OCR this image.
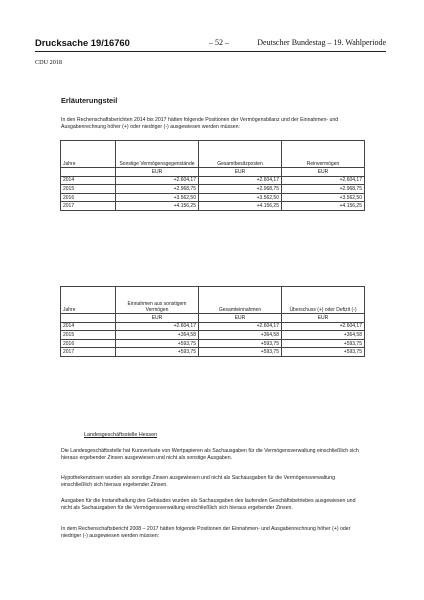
Drucksache 19/16760	– 52 –	Deutscher Bundestag – 19. Wahlperiode
CDU 2018
Erläuterungsteil
In den Rechenschaftsberichten 2014 bis 2017 hätten folgende Positionen der Vermögensbilanz und der Einnahmen- und Ausgabenrechnung höher (+) oder niedriger (-) ausgewiesen werden müssen:
Jahre	Sonstige Vermögensgegenstände	Gesamtbesitzposten	Reinvermögen
	EUR	EUR	EUR
2014	+2.604,17	+2.604,17	+2.604,17
2015	+2.968,75	+2.968,75	+2.968,75
2016	+3.562,50	+3.562,50	+3.562,50
2017	+4.156,25	+4.156,25	+4.156,25
Jahre	Einnahmen aus sonstigem Vermögen	Gesamteinnahmen	Überschuss (+) oder Defizit (-)
	EUR	EUR	EUR
2014	+2.604,17	+2.604,17	+2.604,17
2015	+364,58	+364,58	+364,58
2016	+593,75	+593,75	+593,75
2017	+593,75	+593,75	+593,75
Landesgeschäftsstelle Hessen
Die Landesgeschäftsstelle hat Kursverluste von Wertpapieren als Sachausgaben für die Vermögensverwaltung einschließlich sich hieraus ergebender Zinsen ausgewiesen und nicht als sonstige Ausgaben.
Hypothekenzinsen wurden als sonstige Zinsen ausgewiesen und nicht als Sachausgaben für die Vermögensverwaltung einschließlich sich hieraus ergebender Zinsen.
Ausgaben für die Instandhaltung des Gebäudes wurden als Sachausgaben des laufenden Geschäftsbetriebes ausgewiesen und nicht als Sachausgaben für die Vermögensverwaltung einschließlich sich hieraus ergebender Zinsen.
In dem Rechenschaftsbericht 2008 – 2017 hätten folgende Positionen der Einnahmen- und Ausgabenrechnung höher (+) oder niedriger (-) ausgewiesen werden müssen:
